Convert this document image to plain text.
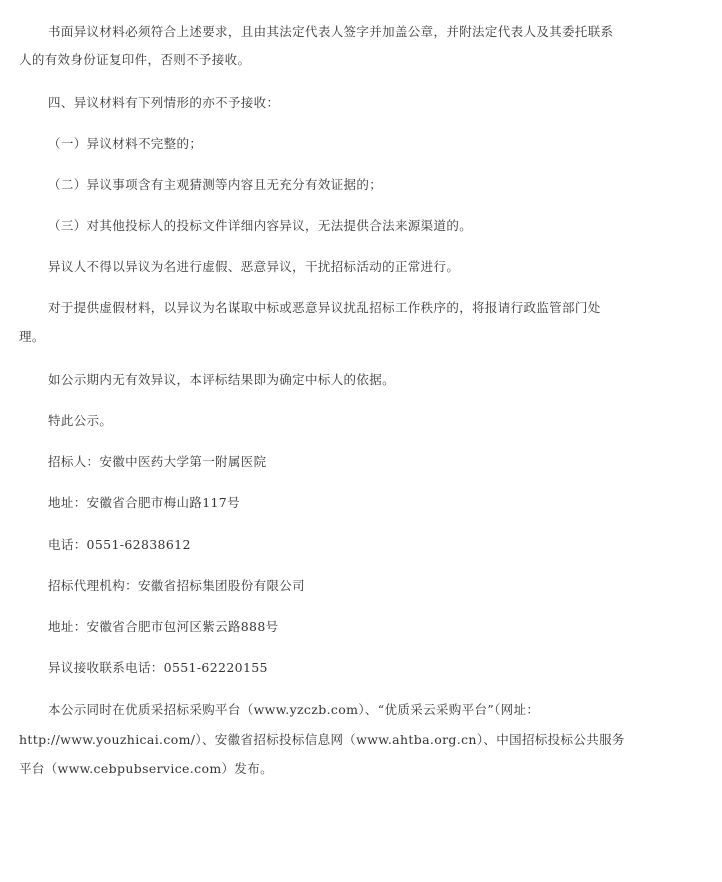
书面异议材料必须符合上述要求，且由其法定代表人签字并加盖公章，并附法定代表人及其委托联系
人的有效身份证复印件，否则不予接收。
四、异议材料有下列情形的亦不予接收：
（一）异议材料不完整的；
（二）异议事项含有主观猜测等内容且无充分有效证据的；
（三）对其他投标人的投标文件详细内容异议，无法提供合法来源渠道的。
异议人不得以异议为名进行虚假、恶意异议，干扰招标活动的正常进行。
对于提供虚假材料，以异议为名谋取中标或恶意异议扰乱招标工作秩序的，将报请行政监管部门处
理。
如公示期内无有效异议，本评标结果即为确定中标人的依据。
特此公示。
招标人：安徽中医药大学第一附属医院
地址：安徽省合肥市梅山路117号
电话：0551-62838612
招标代理机构：安徽省招标集团股份有限公司
地址：安徽省合肥市包河区紫云路888号
异议接收联系电话：0551-62220155
本公示同时在优质采招标采购平台（www.yzczb.com）、“优质采云采购平台”（网址：
http://www.youzhicai.com/）、安徽省招标投标信息网（www.ahtba.org.cn）、中国招标投标公共服务
平台（www.cebpubservice.com）发布。
